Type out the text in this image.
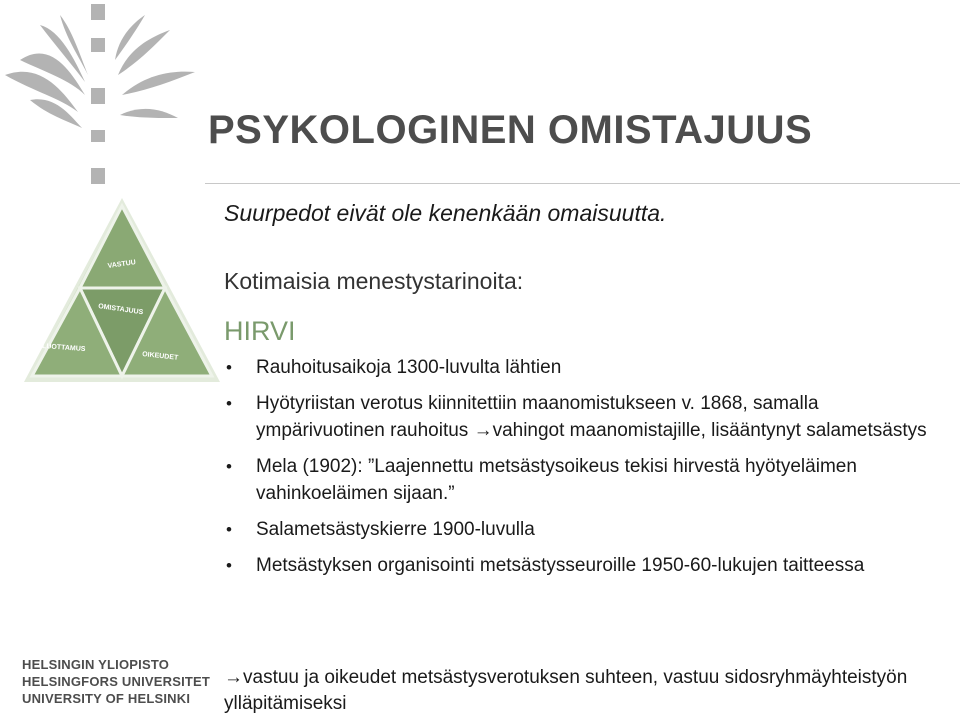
PSYKOLOGINEN OMISTAJUUS
VASTUU
OMISTAJUUS
LUOTTAMUS
OIKEUDET
Suurpedot eivät ole kenenkään omaisuutta.
Kotimaisia menestystarinoita:
HIRVI
• Rauhoitusaikoja 1300-luvulta lähtien
• Hyötyriistan verotus kiinnitettiin maanomistukseen v. 1868, samalla ympärivuotinen rauhoitus →vahingot maanomistajille, lisääntynyt salametsästys
• Mela (1902): ”Laajennettu metsästysoikeus tekisi hirvestä hyötyeläimen vahinkoeläimen sijaan.”
• Salametsästyskierre 1900-luvulla
• Metsästyksen organisointi metsästysseuroille 1950-60-lukujen taitteessa
→vastuu ja oikeudet metsästysverotuksen suhteen, vastuu sidosryhmäyhteistyön ylläpitämiseksi
HELSINGIN YLIOPISTO
HELSINGFORS UNIVERSITET
UNIVERSITY OF HELSINKI
